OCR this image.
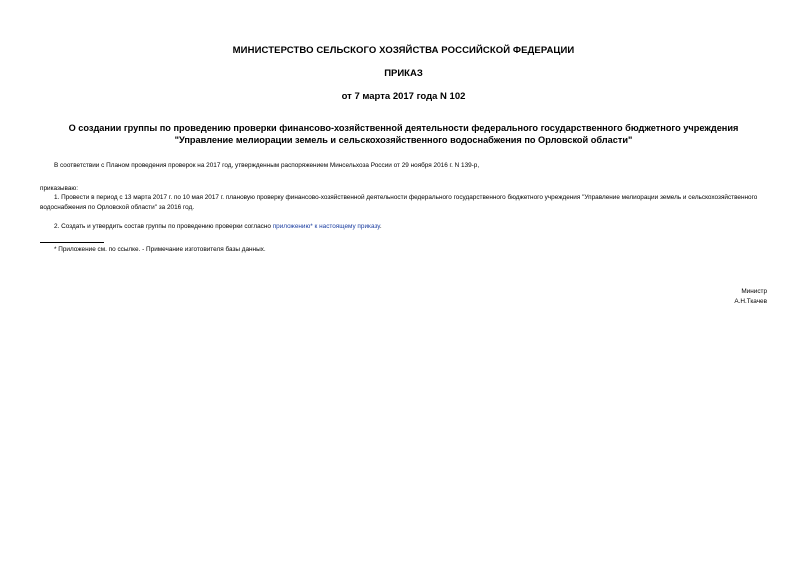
МИНИСТЕРСТВО СЕЛЬСКОГО ХОЗЯЙСТВА РОССИЙСКОЙ ФЕДЕРАЦИИ
ПРИКАЗ
от 7 марта 2017 года N 102
О создании группы по проведению проверки финансово-хозяйственной деятельности федерального государственного бюджетного учреждения "Управление мелиорации земель и сельскохозяйственного водоснабжения по Орловской области"
В соответствии с Планом проведения проверок на 2017 год, утвержденным распоряжением Минсельхоза России от 29 ноября 2016 г. N 139-р,
приказываю:
1. Провести в период с 13 марта 2017 г. по 10 мая 2017 г. плановую проверку финансово-хозяйственной деятельности федерального государственного бюджетного учреждения "Управление мелиорации земель и сельскохозяйственного водоснабжения по Орловской области" за 2016 год.
2. Создать и утвердить состав группы по проведению проверки согласно приложению* к настоящему приказу.
* Приложение см. по ссылке. - Примечание изготовителя базы данных.
Министр
А.Н.Ткачев
